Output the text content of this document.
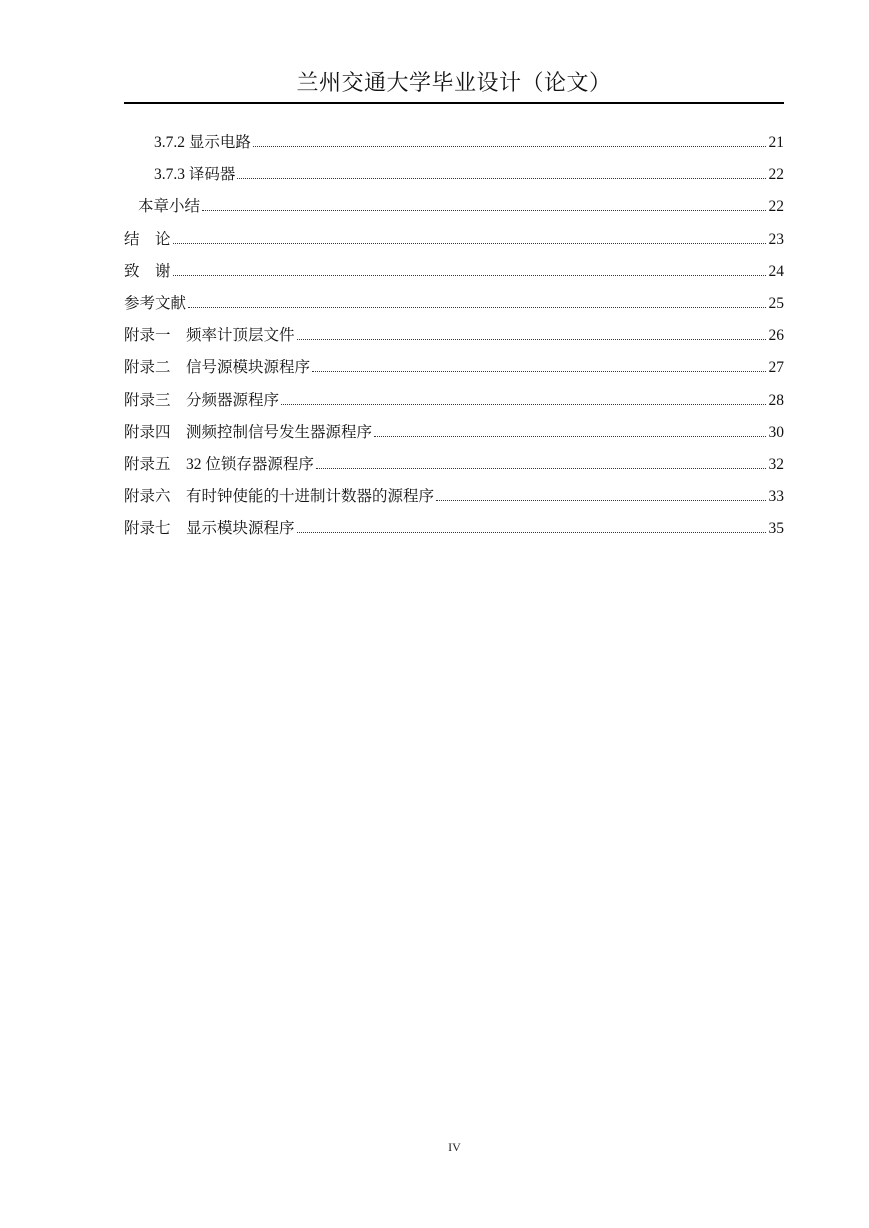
兰州交通大学毕业设计（论文）
3.7.2 显示电路	21
3.7.3 译码器	22
本章小结	22
结　论	23
致　谢	24
参考文献	25
附录一　频率计顶层文件	26
附录二　信号源模块源程序	27
附录三　分频器源程序	28
附录四　测频控制信号发生器源程序	30
附录五　32 位锁存器源程序	32
附录六　有时钟使能的十进制计数器的源程序	33
附录七　显示模块源程序	35
IV
